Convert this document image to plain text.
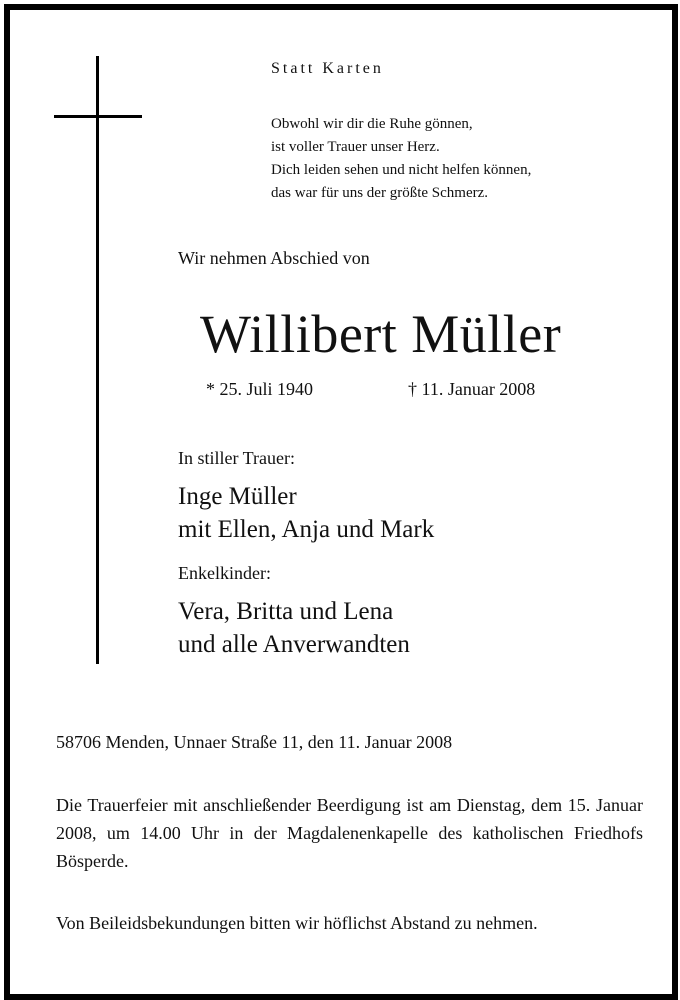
Statt Karten
Obwohl wir dir die Ruhe gönnen,
ist voller Trauer unser Herz.
Dich leiden sehen und nicht helfen können,
das war für uns der größte Schmerz.
Wir nehmen Abschied von
Willibert Müller
* 25. Juli 1940	† 11. Januar 2008
In stiller Trauer:
Inge Müller
mit Ellen, Anja und Mark
Enkelkinder:
Vera, Britta und Lena
und alle Anverwandten
58706 Menden, Unnaer Straße 11, den 11. Januar 2008
Die Trauerfeier mit anschließender Beerdigung ist am Dienstag, dem 15. Januar 2008, um 14.00 Uhr in der Magdalenenkapelle des katholischen Friedhofs Bösperde.
Von Beileidsbekundungen bitten wir höflichst Abstand zu nehmen.
